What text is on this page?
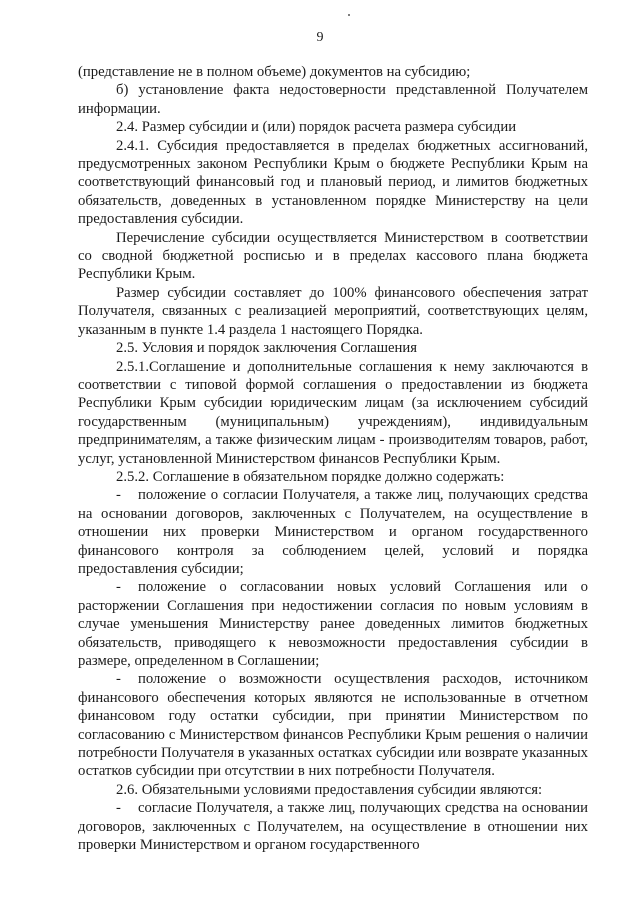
9

(представление не в полном объеме) документов на субсидию;

б) установление факта недостоверности представленной Получателем информации.

2.4. Размер субсидии и (или) порядок расчета размера субсидии

2.4.1. Субсидия предоставляется в пределах бюджетных ассигнований, предусмотренных законом Республики Крым о бюджете Республики Крым на соответствующий финансовый год и плановый период, и лимитов бюджетных обязательств, доведенных в установленном порядке Министерству на цели предоставления субсидии.

Перечисление субсидии осуществляется Министерством в соответствии со сводной бюджетной росписью и в пределах кассового плана бюджета Республики Крым.

Размер субсидии составляет до 100% финансового обеспечения затрат Получателя, связанных с реализацией мероприятий, соответствующих целям, указанным в пункте 1.4 раздела 1 настоящего Порядка.

2.5. Условия и порядок заключения Соглашения

2.5.1.Соглашение и дополнительные соглашения к нему заключаются в соответствии с типовой формой соглашения о предоставлении из бюджета Республики Крым субсидии юридическим лицам (за исключением субсидий государственным (муниципальным) учреждениям), индивидуальным предпринимателям, а также физическим лицам - производителям товаров, работ, услуг, установленной Министерством финансов Республики Крым.

2.5.2. Соглашение в обязательном порядке должно содержать:

- положение о согласии Получателя, а также лиц, получающих средства на основании договоров, заключенных с Получателем, на осуществление в отношении них проверки Министерством и органом государственного финансового контроля за соблюдением целей, условий и порядка предоставления субсидии;

- положение о согласовании новых условий Соглашения или о расторжении Соглашения при недостижении согласия по новым условиям в случае уменьшения Министерству ранее доведенных лимитов бюджетных обязательств, приводящего к невозможности предоставления субсидии в размере, определенном в Соглашении;

- положение о возможности осуществления расходов, источником финансового обеспечения которых являются не использованные в отчетном финансовом году остатки субсидии, при принятии Министерством по согласованию с Министерством финансов Республики Крым решения о наличии потребности Получателя в указанных остатках субсидии или возврате указанных остатков субсидии при отсутствии в них потребности Получателя.

2.6. Обязательными условиями предоставления субсидии являются:

- согласие Получателя, а также лиц, получающих средства на основании договоров, заключенных с Получателем, на осуществление в отношении них проверки Министерством и органом государственного
